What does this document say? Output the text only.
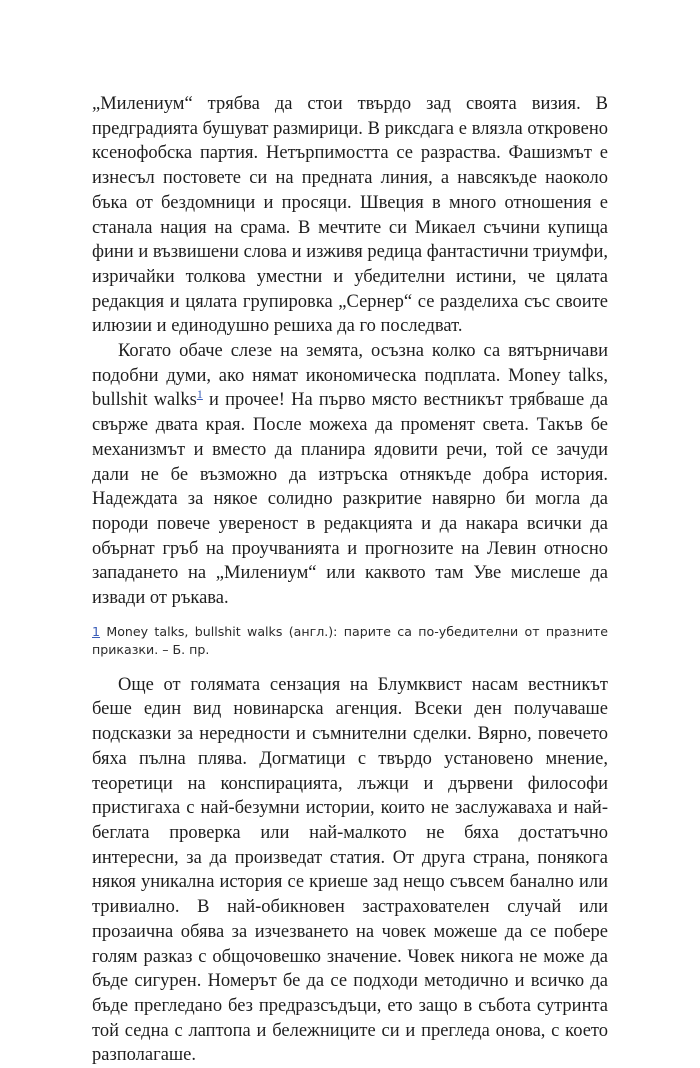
„Милениум“ трябва да стои твърдо зад своята визия. В предградията бушуват размирици. В риксдага е влязла откровено ксенофобска партия. Нетърпимостта се разраства. Фашизмът е изнесъл постовете си на предната линия, а навсякъде наоколо бъка от бездомници и просяци. Швеция в много отношения е станала нация на срама. В мечтите си Микаел съчини купища фини и възвишени слова и изживя редица фантастични триумфи, изричайки толкова уместни и убедителни истини, че цялата редакция и цялата групировка „Сернер“ се разделиха със своите илюзии и единодушно решиха да го последват.

Когато обаче слезе на земята, осъзна колко са вятърничави подобни думи, ако нямат икономическа подплата. Money talks, bullshit walks$^1$ и прочее! На първо място вестникът трябваше да свърже двата края. После можеха да променят света. Такъв бе механизмът и вместо да планира ядовити речи, той се зачуди дали не бе възможно да изтръска отнякъде добра история. Надеждата за някое солидно разкритие навярно би могла да породи повече увереност в редакцията и да накара всички да обърнат гръб на проучванията и прогнозите на Левин относно западането на „Милениум“ или каквото там Уве мислеше да извади от ръкава.

1 Money talks, bullshit walks (англ.): парите са по-убедителни от празните приказки. – Б. пр.

Още от голямата сензация на Блумквист насам вестникът беше един вид новинарска агенция. Всеки ден получаваше подсказки за нередности и съмнителни сделки. Вярно, повечето бяха пълна плява. Догматици с твърдо установено мнение, теоретици на конспирацията, лъжци и дървени философи пристигаха с най-безумни истории, които не заслужаваха и най-беглата проверка или най-малкото не бяха достатъчно интересни, за да произведат статия. От друга страна, понякога някоя уникална история се криеше зад нещо съвсем банално или тривиално. В най-обикновен застрахователен случай или прозаична обява за изчезването на човек можеше да се побере голям разказ с общочовешко значение. Човек никога не може да бъде сигурен. Номерът бе да се подходи методично и всичко да бъде прегледано без предразсъдъци, ето защо в събота сутринта той седна с лаптопа и бележниците си и прегледа онова, с което разполагаше.
